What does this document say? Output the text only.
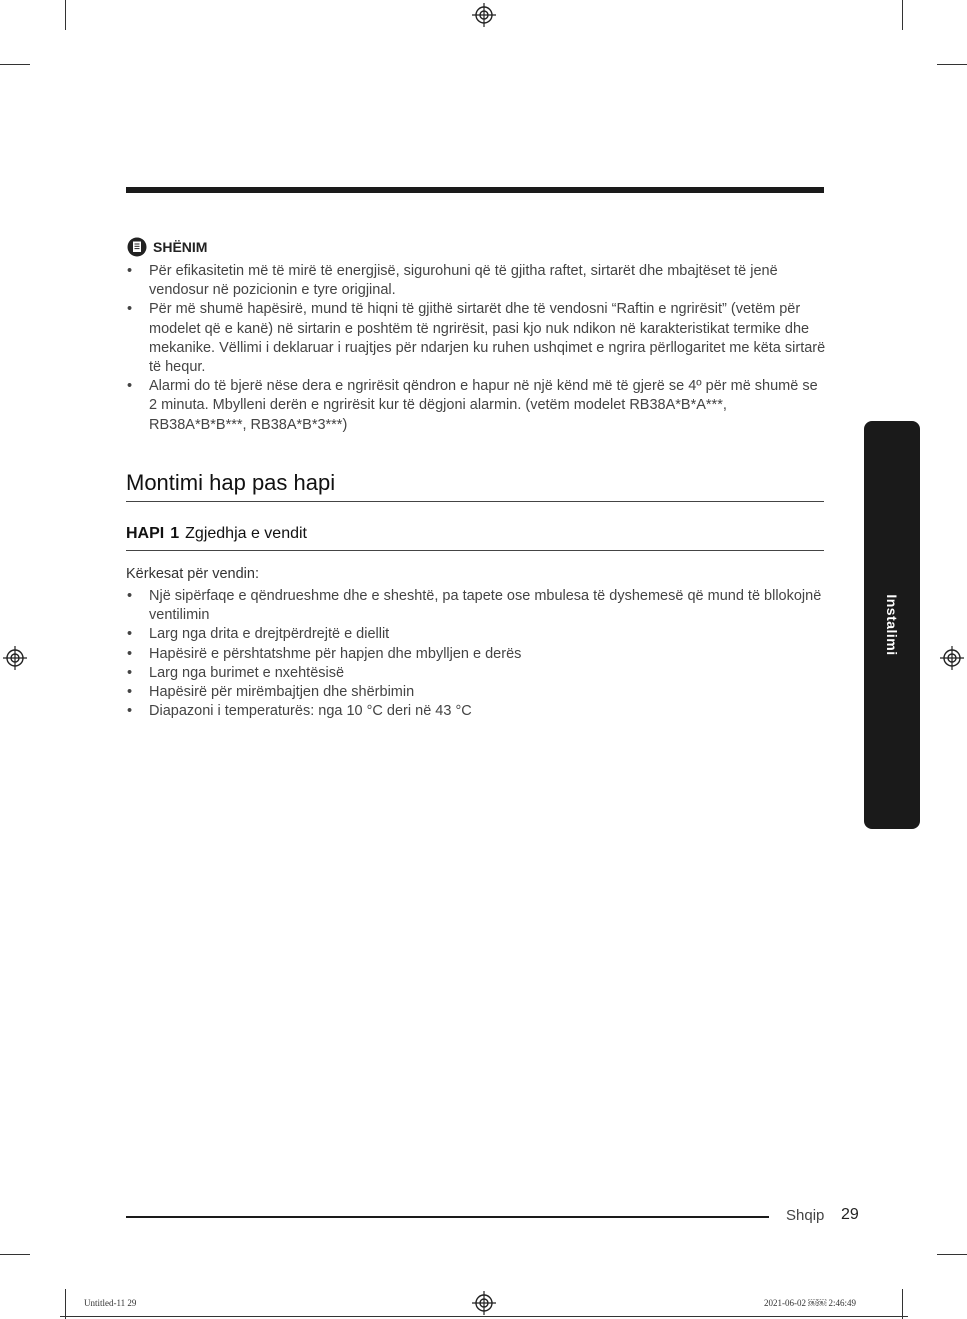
SHËNIM
• Për efikasitetin më të mirë të energjisë, sigurohuni që të gjitha raftet, sirtarët dhe mbajtëset të jenë vendosur në pozicionin e tyre origjinal.
• Për më shumë hapësirë, mund të hiqni të gjithë sirtarët dhe të vendosni “Raftin e ngrirësit” (vetëm për modelet që e kanë) në sirtarin e poshtëm të ngrirësit, pasi kjo nuk ndikon në karakteristikat termike dhe mekanike. Vëllimi i deklaruar i ruajtjes për ndarjen ku ruhen ushqimet e ngrira përllogaritet me këta sirtarë të hequr.
• Alarmi do të bjerë nëse dera e ngrirësit qëndron e hapur në një kënd më të gjerë se 4º për më shumë se 2 minuta. Mbylleni derën e ngrirësit kur të dëgjoni alarmin. (vetëm modelet RB38A*B*A***, RB38A*B*B***, RB38A*B*3***)
Montimi hap pas hapi
HAPI 1 Zgjedhja e vendit
Kërkesat për vendin:
• Një sipërfaqe e qëndrueshme dhe e sheshtë, pa tapete ose mbulesa të dyshemesë që mund të bllokojnë ventilimin
• Larg nga drita e drejtpërdrejtë e diellit
• Hapësirë e përshtatshme për hapjen dhe mbylljen e derës
• Larg nga burimet e nxehtësisë
• Hapësirë për mirëmbajtjen dhe shërbimin
• Diapazoni i temperaturës: nga 10 °C deri në 43 °C
Instalimi
Shqip 29
Untitled-11 29	2021-06-02 ￼￼ 2:46:49
